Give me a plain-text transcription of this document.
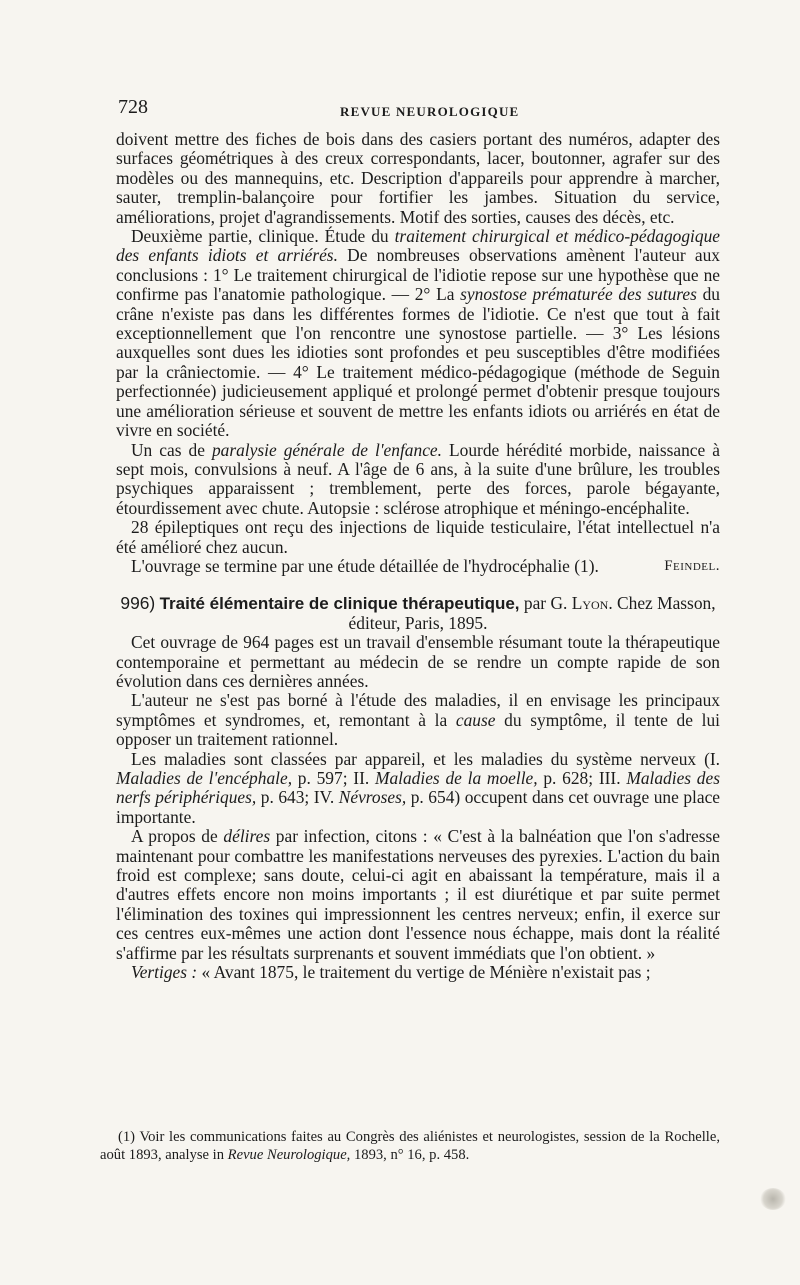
728	REVUE NEUROLOGIQUE

doivent mettre des fiches de bois dans des casiers portant des numéros, adapter des surfaces géométriques à des creux correspondants, lacer, boutonner, agrafer sur des modèles ou des mannequins, etc. Description d'appareils pour apprendre à marcher, sauter, tremplin-balançoire pour fortifier les jambes. Situation du service, améliorations, projet d'agrandissements. Motif des sorties, causes des décès, etc.

Deuxième partie, clinique. Étude du traitement chirurgical et médico-pédagogique des enfants idiots et arriérés. De nombreuses observations amènent l'auteur aux conclusions : 1° Le traitement chirurgical de l'idiotie repose sur une hypothèse que ne confirme pas l'anatomie pathologique. — 2° La synostose prématurée des sutures du crâne n'existe pas dans les différentes formes de l'idiotie. Ce n'est que tout à fait exceptionnellement que l'on rencontre une synostose partielle. — 3° Les lésions auxquelles sont dues les idioties sont profondes et peu susceptibles d'être modifiées par la crâniectomie. — 4° Le traitement médico-pédagogique (méthode de Seguin perfectionnée) judicieusement appliqué et prolongé permet d'obtenir presque toujours une amélioration sérieuse et souvent de mettre les enfants idiots ou arriérés en état de vivre en société.

Un cas de paralysie générale de l'enfance. Lourde hérédité morbide, naissance à sept mois, convulsions à neuf. A l'âge de 6 ans, à la suite d'une brûlure, les troubles psychiques apparaissent ; tremblement, perte des forces, parole bégayante, étourdissement avec chute. Autopsie : sclérose atrophique et méningo-encéphalite.

28 épileptiques ont reçu des injections de liquide testiculaire, l'état intellectuel n'a été amélioré chez aucun.

L'ouvrage se termine par une étude détaillée de l'hydrocéphalie (1).	Feindel.

996) Traité élémentaire de clinique thérapeutique, par G. Lyon. Chez Masson, éditeur, Paris, 1895.

Cet ouvrage de 964 pages est un travail d'ensemble résumant toute la thérapeutique contemporaine et permettant au médecin de se rendre un compte rapide de son évolution dans ces dernières années.

L'auteur ne s'est pas borné à l'étude des maladies, il en envisage les principaux symptômes et syndromes, et, remontant à la cause du symptôme, il tente de lui opposer un traitement rationnel.

Les maladies sont classées par appareil, et les maladies du système nerveux (I. Maladies de l'encéphale, p. 597; II. Maladies de la moelle, p. 628; III. Maladies des nerfs périphériques, p. 643; IV. Névroses, p. 654) occupent dans cet ouvrage une place importante.

A propos de délires par infection, citons : « C'est à la balnéation que l'on s'adresse maintenant pour combattre les manifestations nerveuses des pyrexies. L'action du bain froid est complexe; sans doute, celui-ci agit en abaissant la température, mais il a d'autres effets encore non moins importants ; il est diurétique et par suite permet l'élimination des toxines qui impressionnent les centres nerveux; enfin, il exerce sur ces centres eux-mêmes une action dont l'essence nous échappe, mais dont la réalité s'affirme par les résultats surprenants et souvent immédiats que l'on obtient. »

Vertiges : « Avant 1875, le traitement du vertige de Ménière n'existait pas ;

(1) Voir les communications faites au Congrès des aliénistes et neurologistes, session de la Rochelle, août 1893, analyse in Revue Neurologique, 1893, n° 16, p. 458.
